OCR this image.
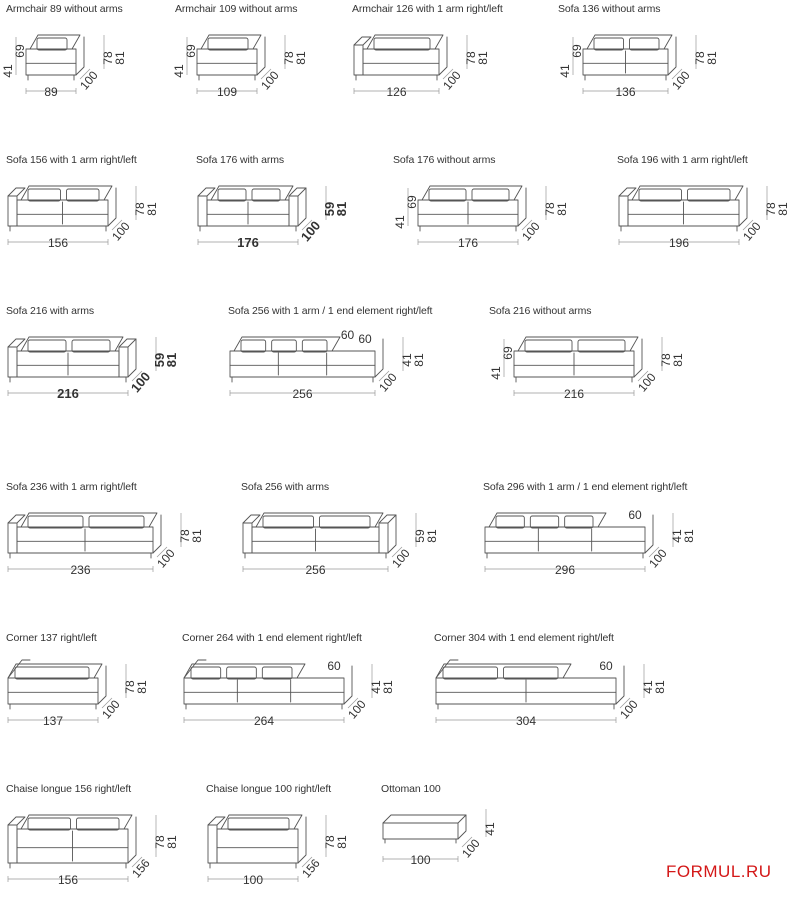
FORMUL.RU
Armchair 89 without arms
89 100
78
81
41
69
Armchair 109 without arms
109 100
78
81
41
69
Armchair 126 with 1 arm right/left
126	100
78
81
Sofa 136 without arms
136	100
78
81
41
69
Sofa 156 with 1 arm right/left
156	100
78
81
Sofa 176 with arms
176	100
59
81
Sofa 176 without arms
176	100
78
81
41
69
Sofa 196 with 1 arm right/left
196	100
78
81
Sofa 216 with arms
216	100
59
81
Sofa 256 with 1 arm / 1 end element right/left
256	100
41
81
60
60
Sofa 216 without arms
216	100
78
81
41
69
Sofa 236 with 1 arm right/left
236	100
78
81
Sofa 256 with arms
256	100
59
81
Sofa 296 with 1 arm / 1 end element right/left
296	100
41
81
60
Corner 137 right/left
137	100
78
81
Corner 264 with 1 end element right/left
264	100
41
81
60
Corner 304 with 1 end element right/left
304	100
41
81
60
Chaise longue 156 right/left
156	156
78
81
Chaise longue 100 right/left
100	156
78
81
Ottoman 100
100 100
41
